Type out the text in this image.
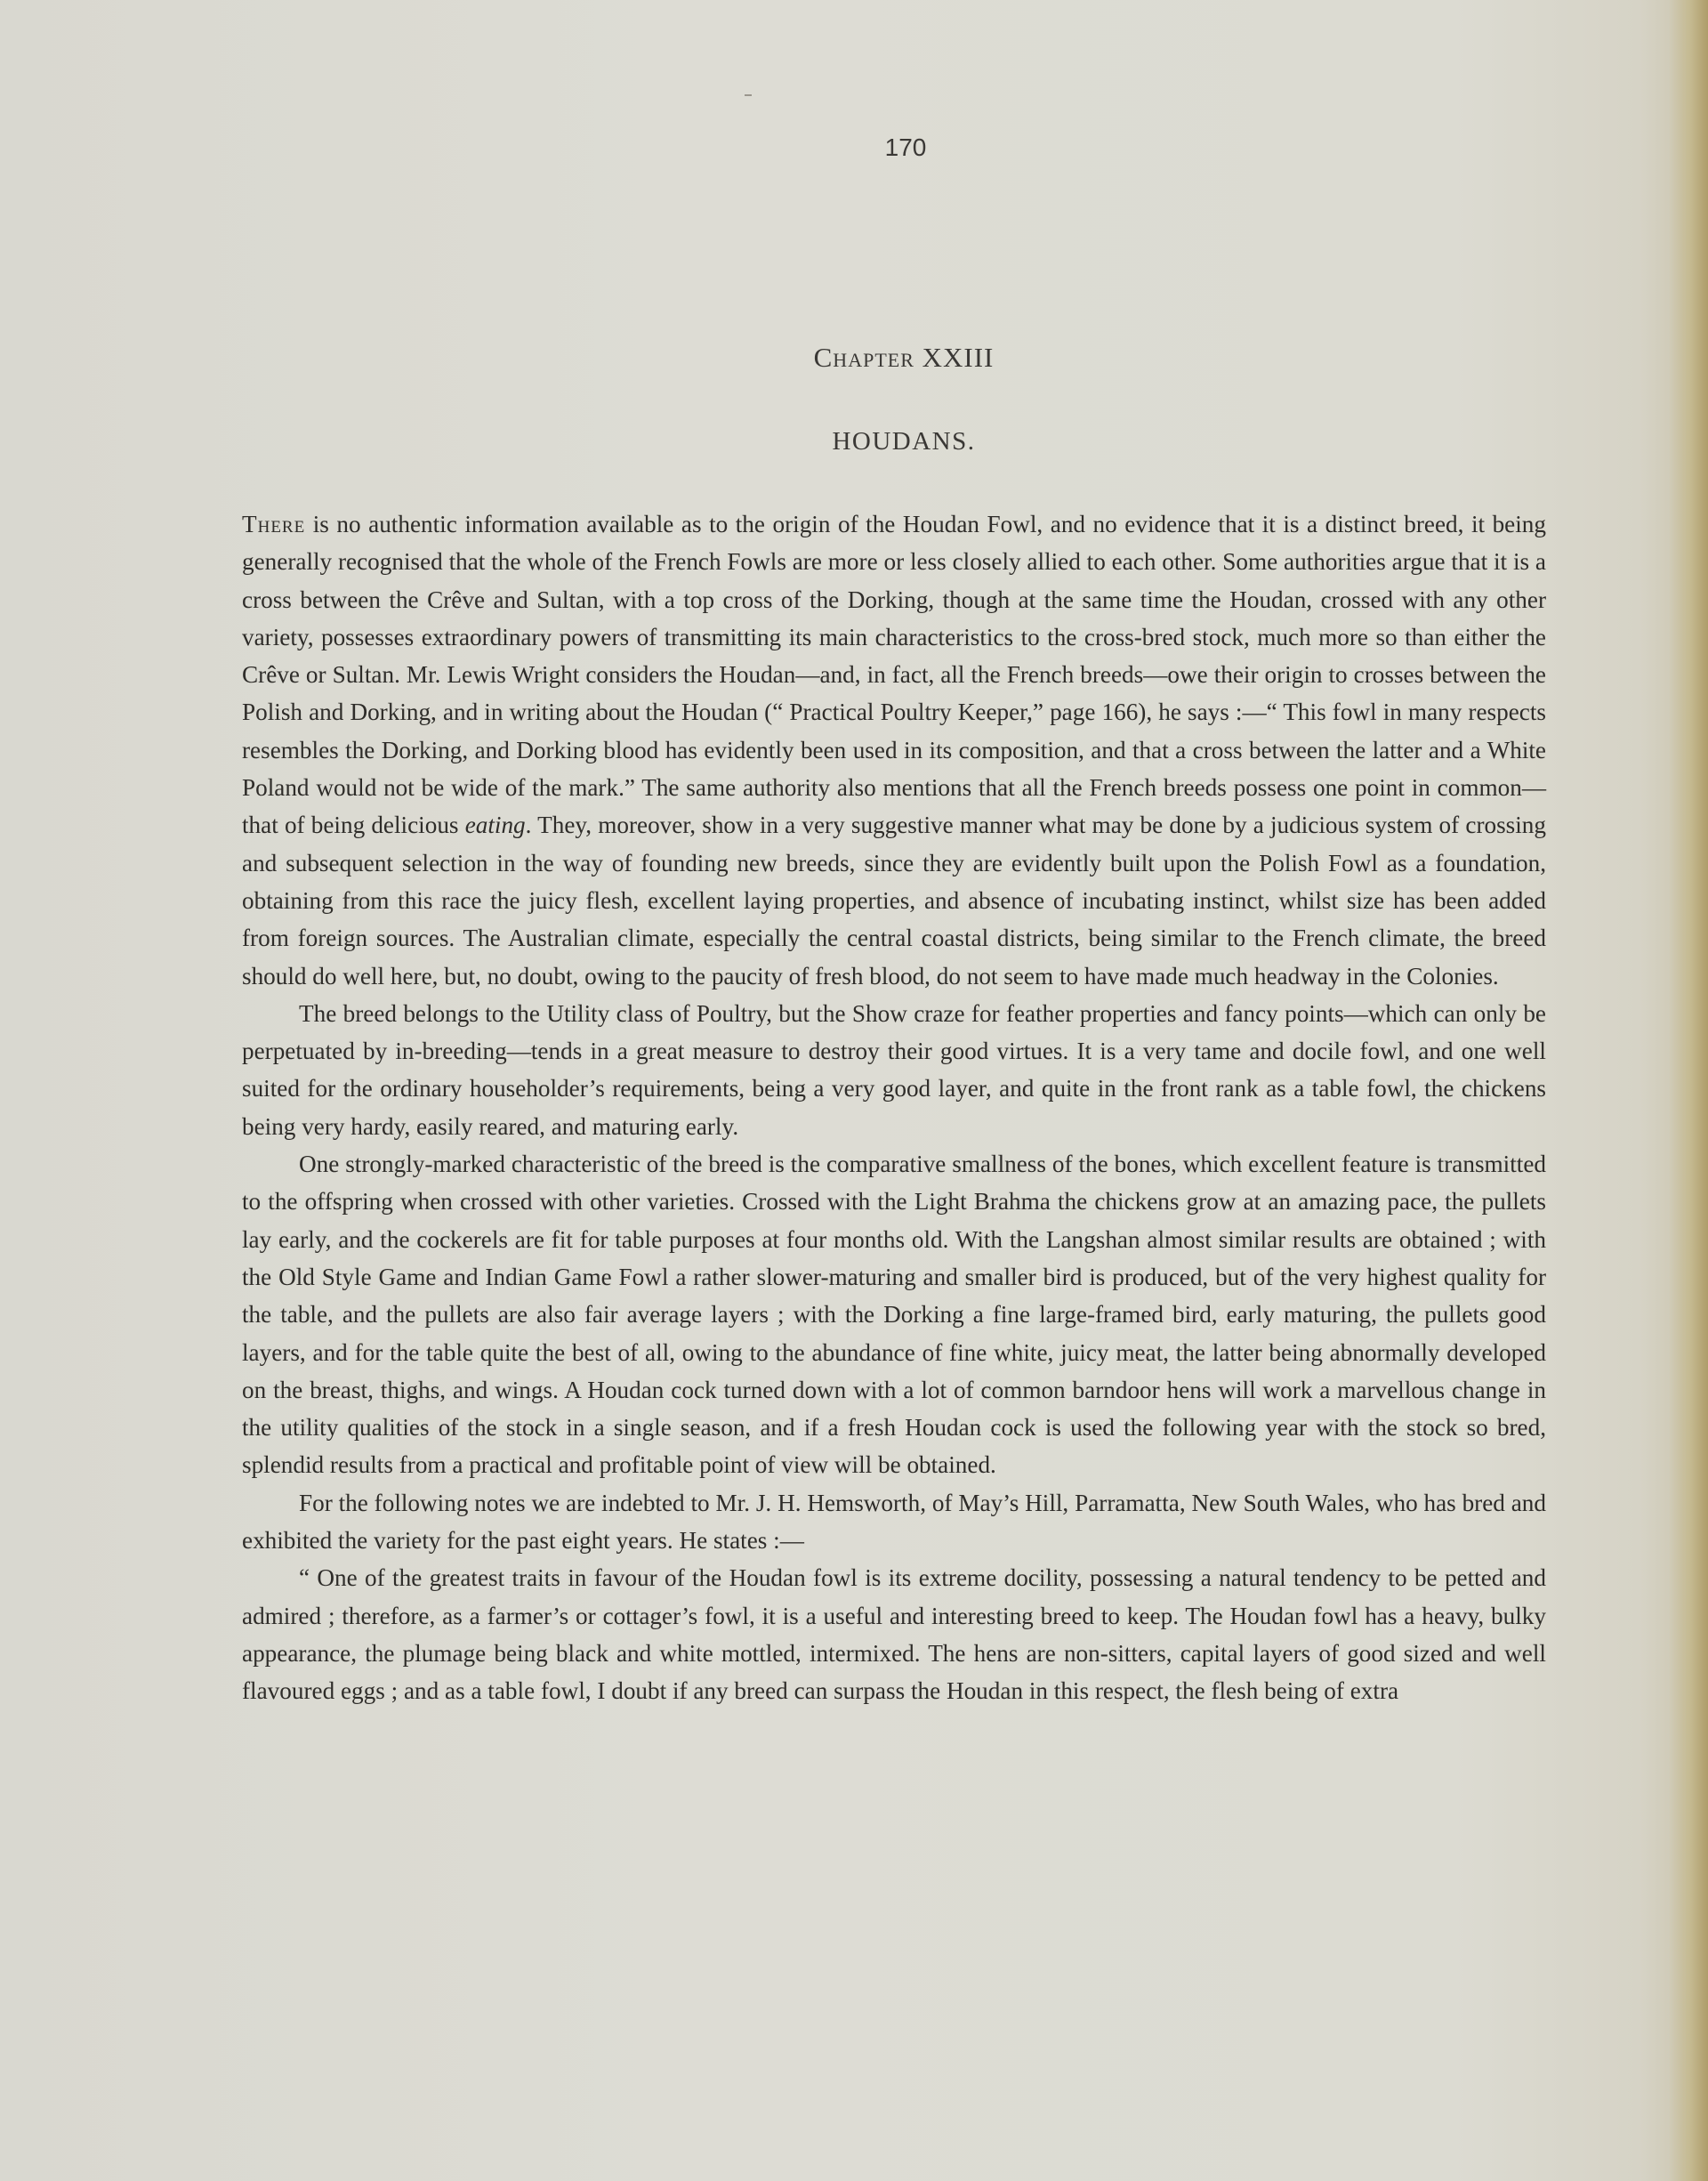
170
Chapter XXIII
HOUDANS.

There is no authentic information available as to the origin of the Houdan Fowl, and no evidence that it is a distinct breed, it being generally recognised that the whole of the French Fowls are more or less closely allied to each other. Some authorities argue that it is a cross between the Crêve and Sultan, with a top cross of the Dorking, though at the same time the Houdan, crossed with any other variety, possesses extraordinary powers of transmitting its main characteristics to the cross-bred stock, much more so than either the Crêve or Sultan. Mr. Lewis Wright considers the Houdan—and, in fact, all the French breeds—owe their origin to crosses between the Polish and Dorking, and in writing about the Houdan (“ Practical Poultry Keeper,” page 166), he says :—“ This fowl in many respects resembles the Dorking, and Dorking blood has evidently been used in its composition, and that a cross between the latter and a White Poland would not be wide of the mark.” The same authority also mentions that all the French breeds possess one point in common—that of being delicious eating. They, moreover, show in a very suggestive manner what may be done by a judicious system of crossing and subsequent selection in the way of founding new breeds, since they are evidently built upon the Polish Fowl as a foundation, obtaining from this race the juicy flesh, excellent laying properties, and absence of incubating instinct, whilst size has been added from foreign sources. The Australian climate, especially the central coastal districts, being similar to the French climate, the breed should do well here, but, no doubt, owing to the paucity of fresh blood, do not seem to have made much headway in the Colonies.

The breed belongs to the Utility class of Poultry, but the Show craze for feather properties and fancy points—which can only be perpetuated by in-breeding—tends in a great measure to destroy their good virtues. It is a very tame and docile fowl, and one well suited for the ordinary householder’s requirements, being a very good layer, and quite in the front rank as a table fowl, the chickens being very hardy, easily reared, and maturing early.

One strongly-marked characteristic of the breed is the comparative smallness of the bones, which excellent feature is transmitted to the offspring when crossed with other varieties. Crossed with the Light Brahma the chickens grow at an amazing pace, the pullets lay early, and the cockerels are fit for table purposes at four months old. With the Langshan almost similar results are obtained ; with the Old Style Game and Indian Game Fowl a rather slower-maturing and smaller bird is produced, but of the very highest quality for the table, and the pullets are also fair average layers ; with the Dorking a fine large-framed bird, early maturing, the pullets good layers, and for the table quite the best of all, owing to the abundance of fine white, juicy meat, the latter being abnormally developed on the breast, thighs, and wings. A Houdan cock turned down with a lot of common barndoor hens will work a marvellous change in the utility qualities of the stock in a single season, and if a fresh Houdan cock is used the following year with the stock so bred, splendid results from a practical and profitable point of view will be obtained.

For the following notes we are indebted to Mr. J. H. Hemsworth, of May’s Hill, Parramatta, New South Wales, who has bred and exhibited the variety for the past eight years. He states :—

“ One of the greatest traits in favour of the Houdan fowl is its extreme docility, possessing a natural tendency to be petted and admired ; therefore, as a farmer’s or cottager’s fowl, it is a useful and interesting breed to keep. The Houdan fowl has a heavy, bulky appearance, the plumage being black and white mottled, intermixed. The hens are non-sitters, capital layers of good sized and well flavoured eggs ; and as a table fowl, I doubt if any breed can surpass the Houdan in this respect, the flesh being of extra
